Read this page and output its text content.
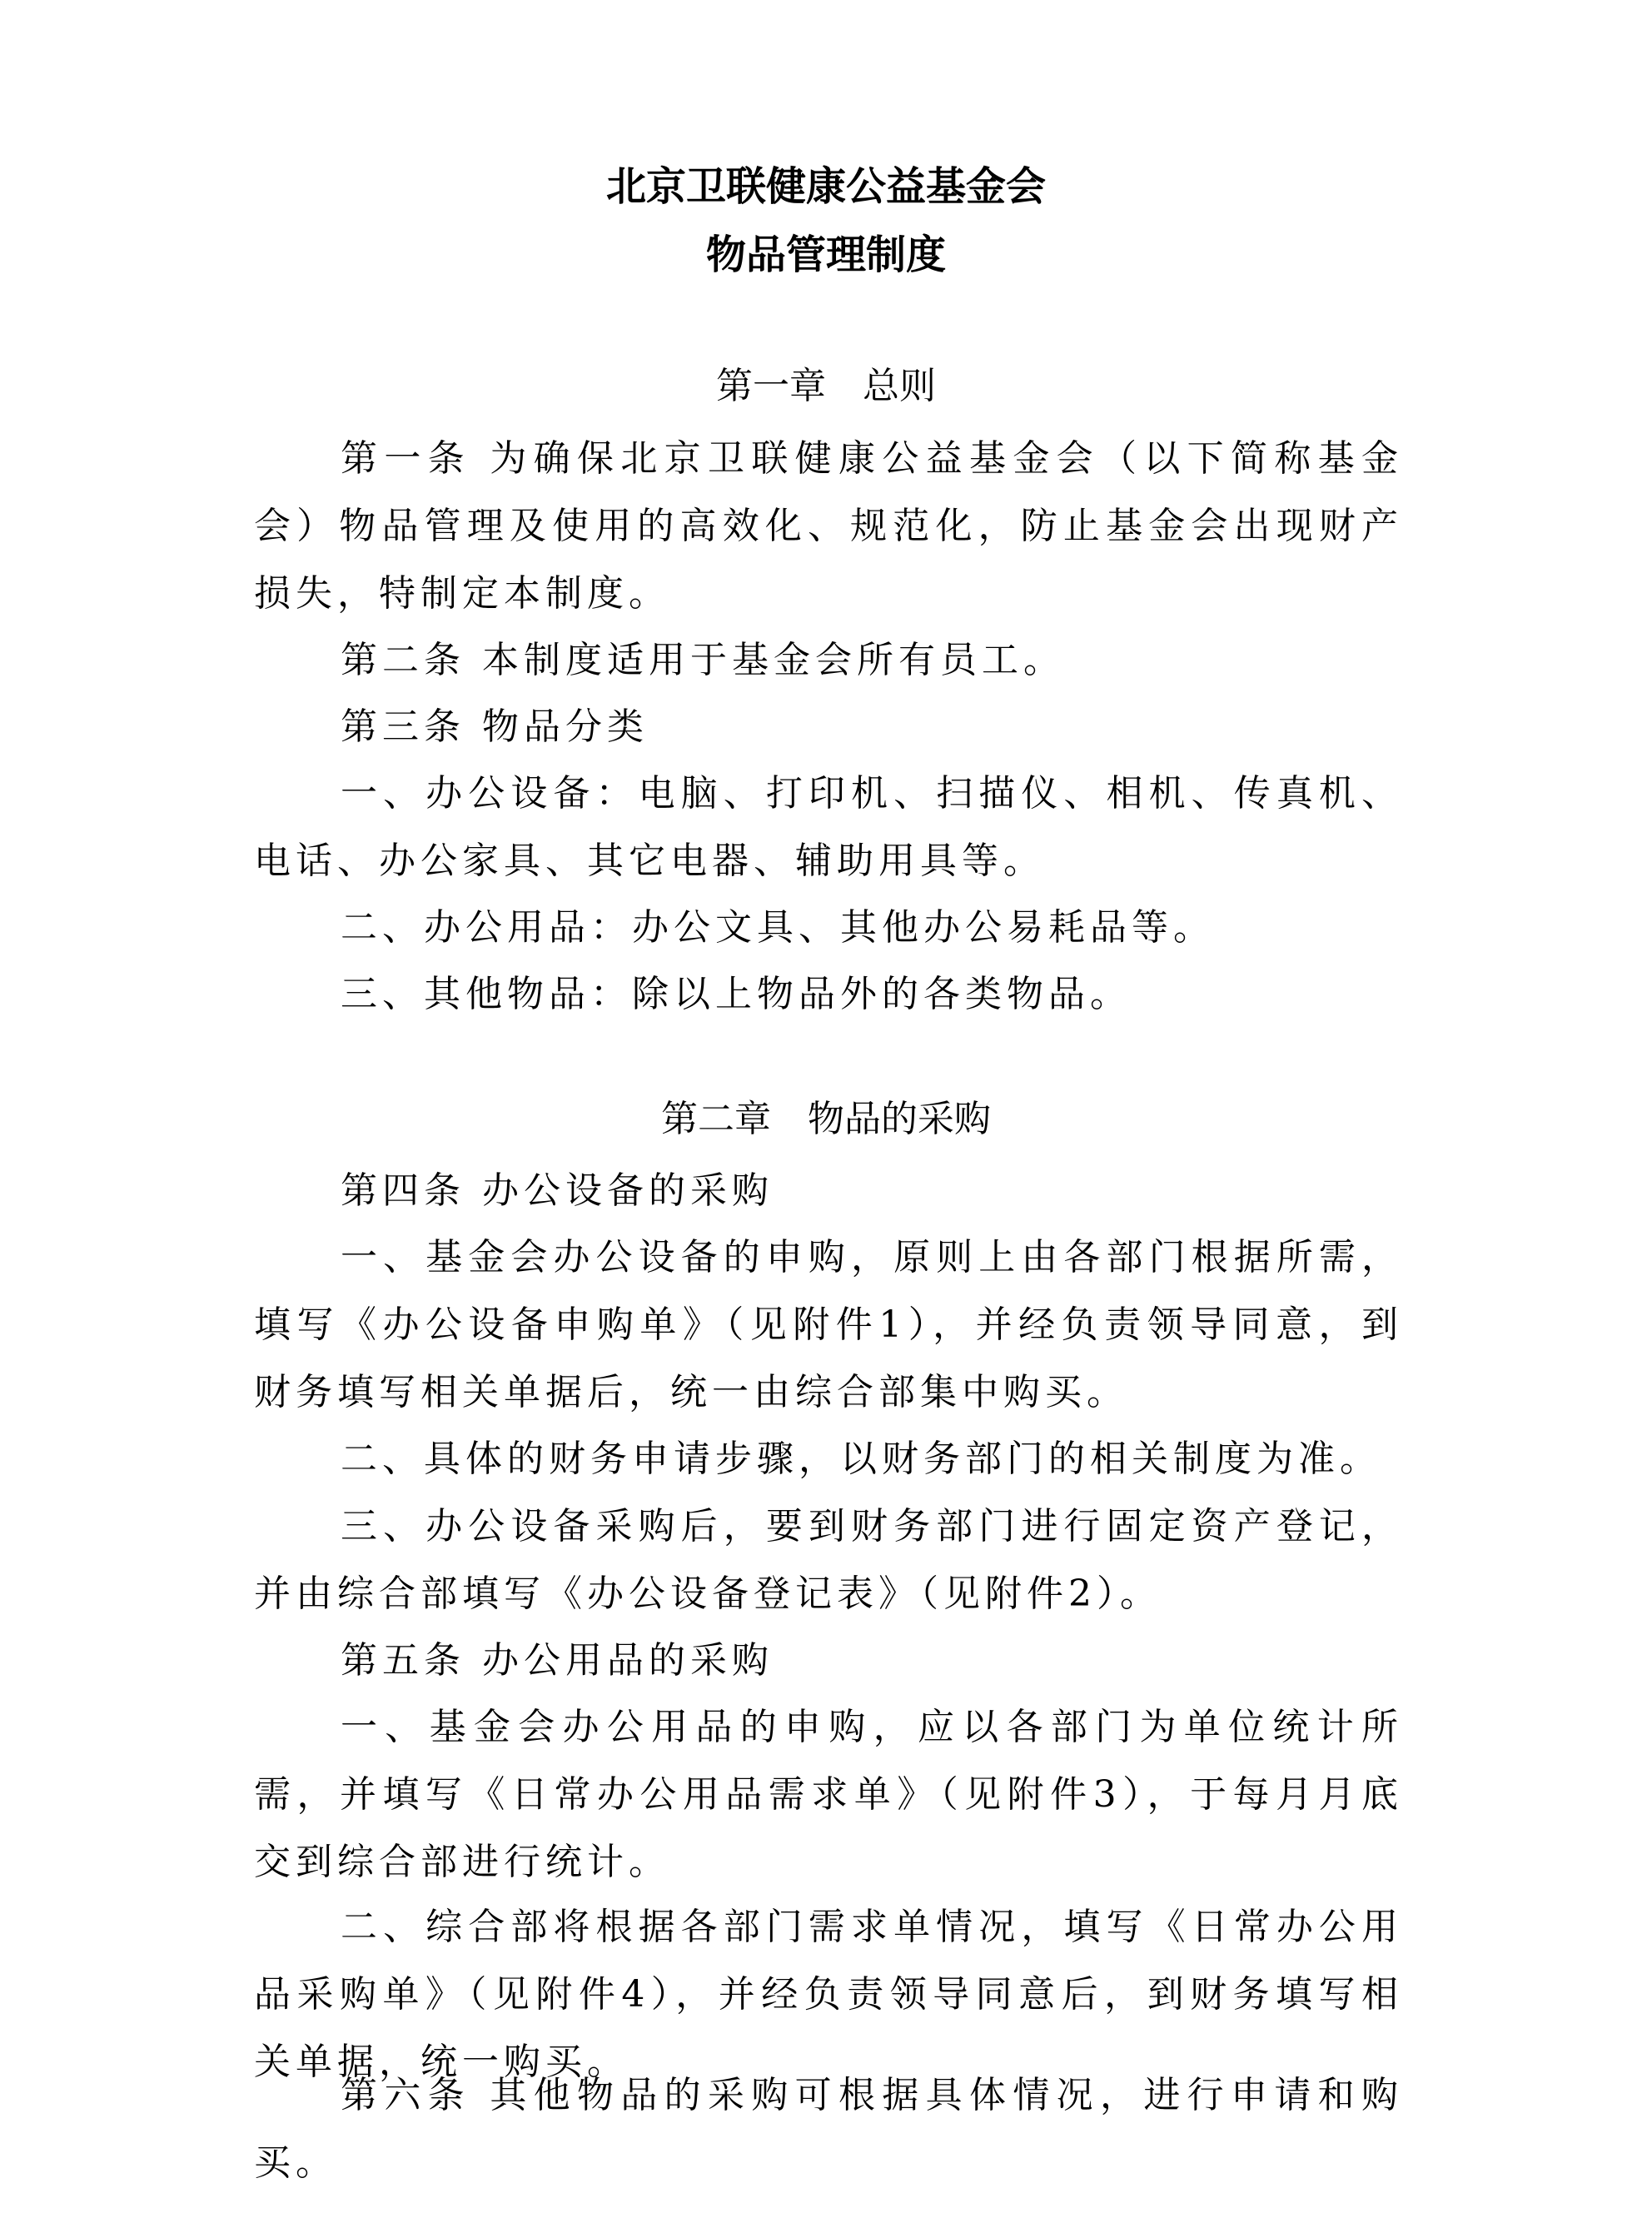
北京卫联健康公益基金会
物品管理制度
第一章　总则
第一条 为确保北京卫联健康公益基金会（以下简称基金会）物品管理及使用的高效化、规范化，防止基金会出现财产损失，特制定本制度。
第二条 本制度适用于基金会所有员工。
第三条 物品分类
一、办公设备：电脑、打印机、扫描仪、相机、传真机、电话、办公家具、其它电器、辅助用具等。
二、办公用品：办公文具、其他办公易耗品等。
三、其他物品：除以上物品外的各类物品。
第二章　物品的采购
第四条 办公设备的采购
一、基金会办公设备的申购，原则上由各部门根据所需，填写《办公设备申购单》（见附件1），并经负责领导同意，到财务填写相关单据后，统一由综合部集中购买。
二、具体的财务申请步骤，以财务部门的相关制度为准。
三、办公设备采购后，要到财务部门进行固定资产登记，并由综合部填写《办公设备登记表》（见附件2）。
第五条 办公用品的采购
一、基金会办公用品的申购，应以各部门为单位统计所需，并填写《日常办公用品需求单》（见附件3），于每月月底交到综合部进行统计。
二、综合部将根据各部门需求单情况，填写《日常办公用品采购单》（见附件4），并经负责领导同意后，到财务填写相关单据，统一购买。
第六条 其他物品的采购可根据具体情况，进行申请和购买。
